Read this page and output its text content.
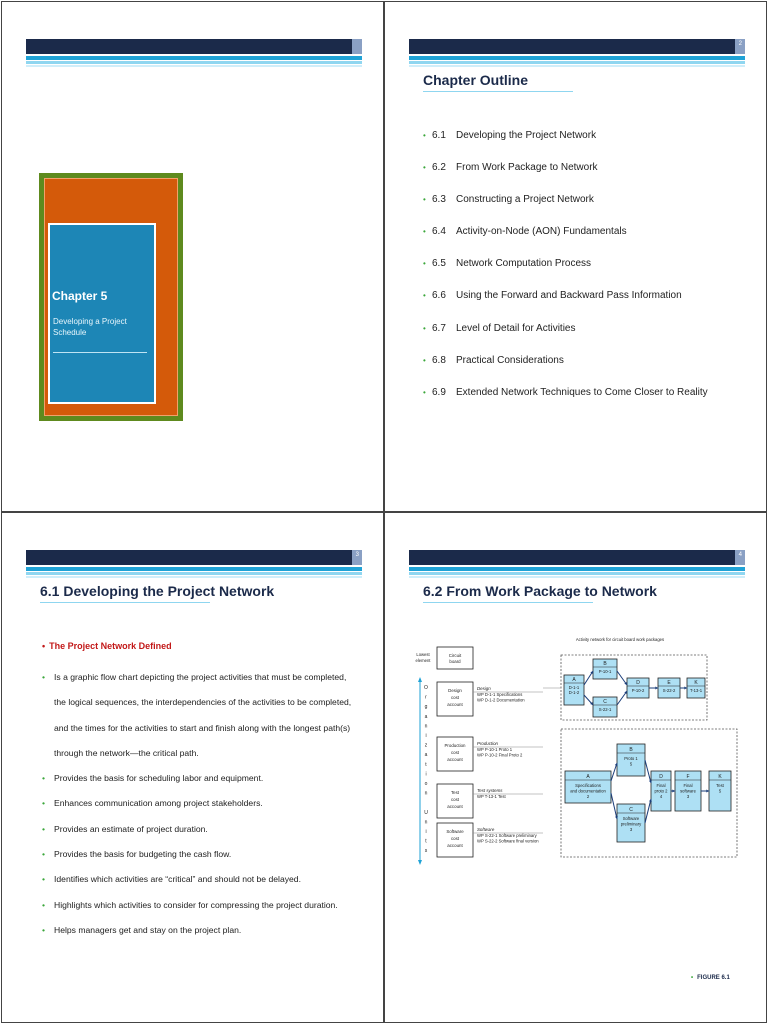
Chapter 5
Developing a Project Schedule
2
Chapter Outline
• 6.1	Developing the Project Network
• 6.2	From Work Package to Network
• 6.3	Constructing a Project Network
• 6.4	Activity-on-Node (AON) Fundamentals
• 6.5	Network Computation Process
• 6.6	Using the Forward and Backward Pass Information
• 6.7	Level of Detail for Activities
• 6.8	Practical Considerations
• 6.9	Extended Network Techniques to Come Closer to Reality
3
6.1 Developing the Project Network
• The Project Network Defined
•	Is a graphic flow chart depicting the project activities that must be completed,
the logical sequences, the interdependencies of the activities to be completed,
and the times for the activities to start and finish along with the longest path(s)
through the network—the critical path.
•	Provides the basis for scheduling labor and equipment.
•	Enhances communication among project stakeholders.
•	Provides an estimate of project duration.
•	Provides the basis for budgeting the cash flow.
•	Identifies which activities are “critical” and should not be delayed.
•	Highlights which activities to consider for compressing the project duration.
•	Helps managers get and stay on the project plan.
4
6.2 From Work Package to Network
Activity network for circuit board work packages
Lowest
element
Circuit
board
O
r
g
a
n
i
z
a
t
i
o
n
U
n
i
t
s
Design
cost
account
Design
WP D-1-1 Specifications
WP D-1-2 Documentation
Production
cost
account
Production
WP P-10-1 Proto 1
WP P-10-2 Final Proto 2
Test
cost
account
Test systems
WP T-13-1 Test
Software
cost
account
Software
WP S-22-1 Software preliminary
WP S-22-2 Software final version
A
D-1-1
D-1-2
B
P-10-1
C
S-22-1
D
P-10-2
E
S-22-2
K
T-13-1
A
Specifications
and documentation
2
B
Proto 1
5
C
Software
preliminary
3
D
Final
proto 2
4
F
Final
software
3
K
Test
5
• FIGURE 6.1
